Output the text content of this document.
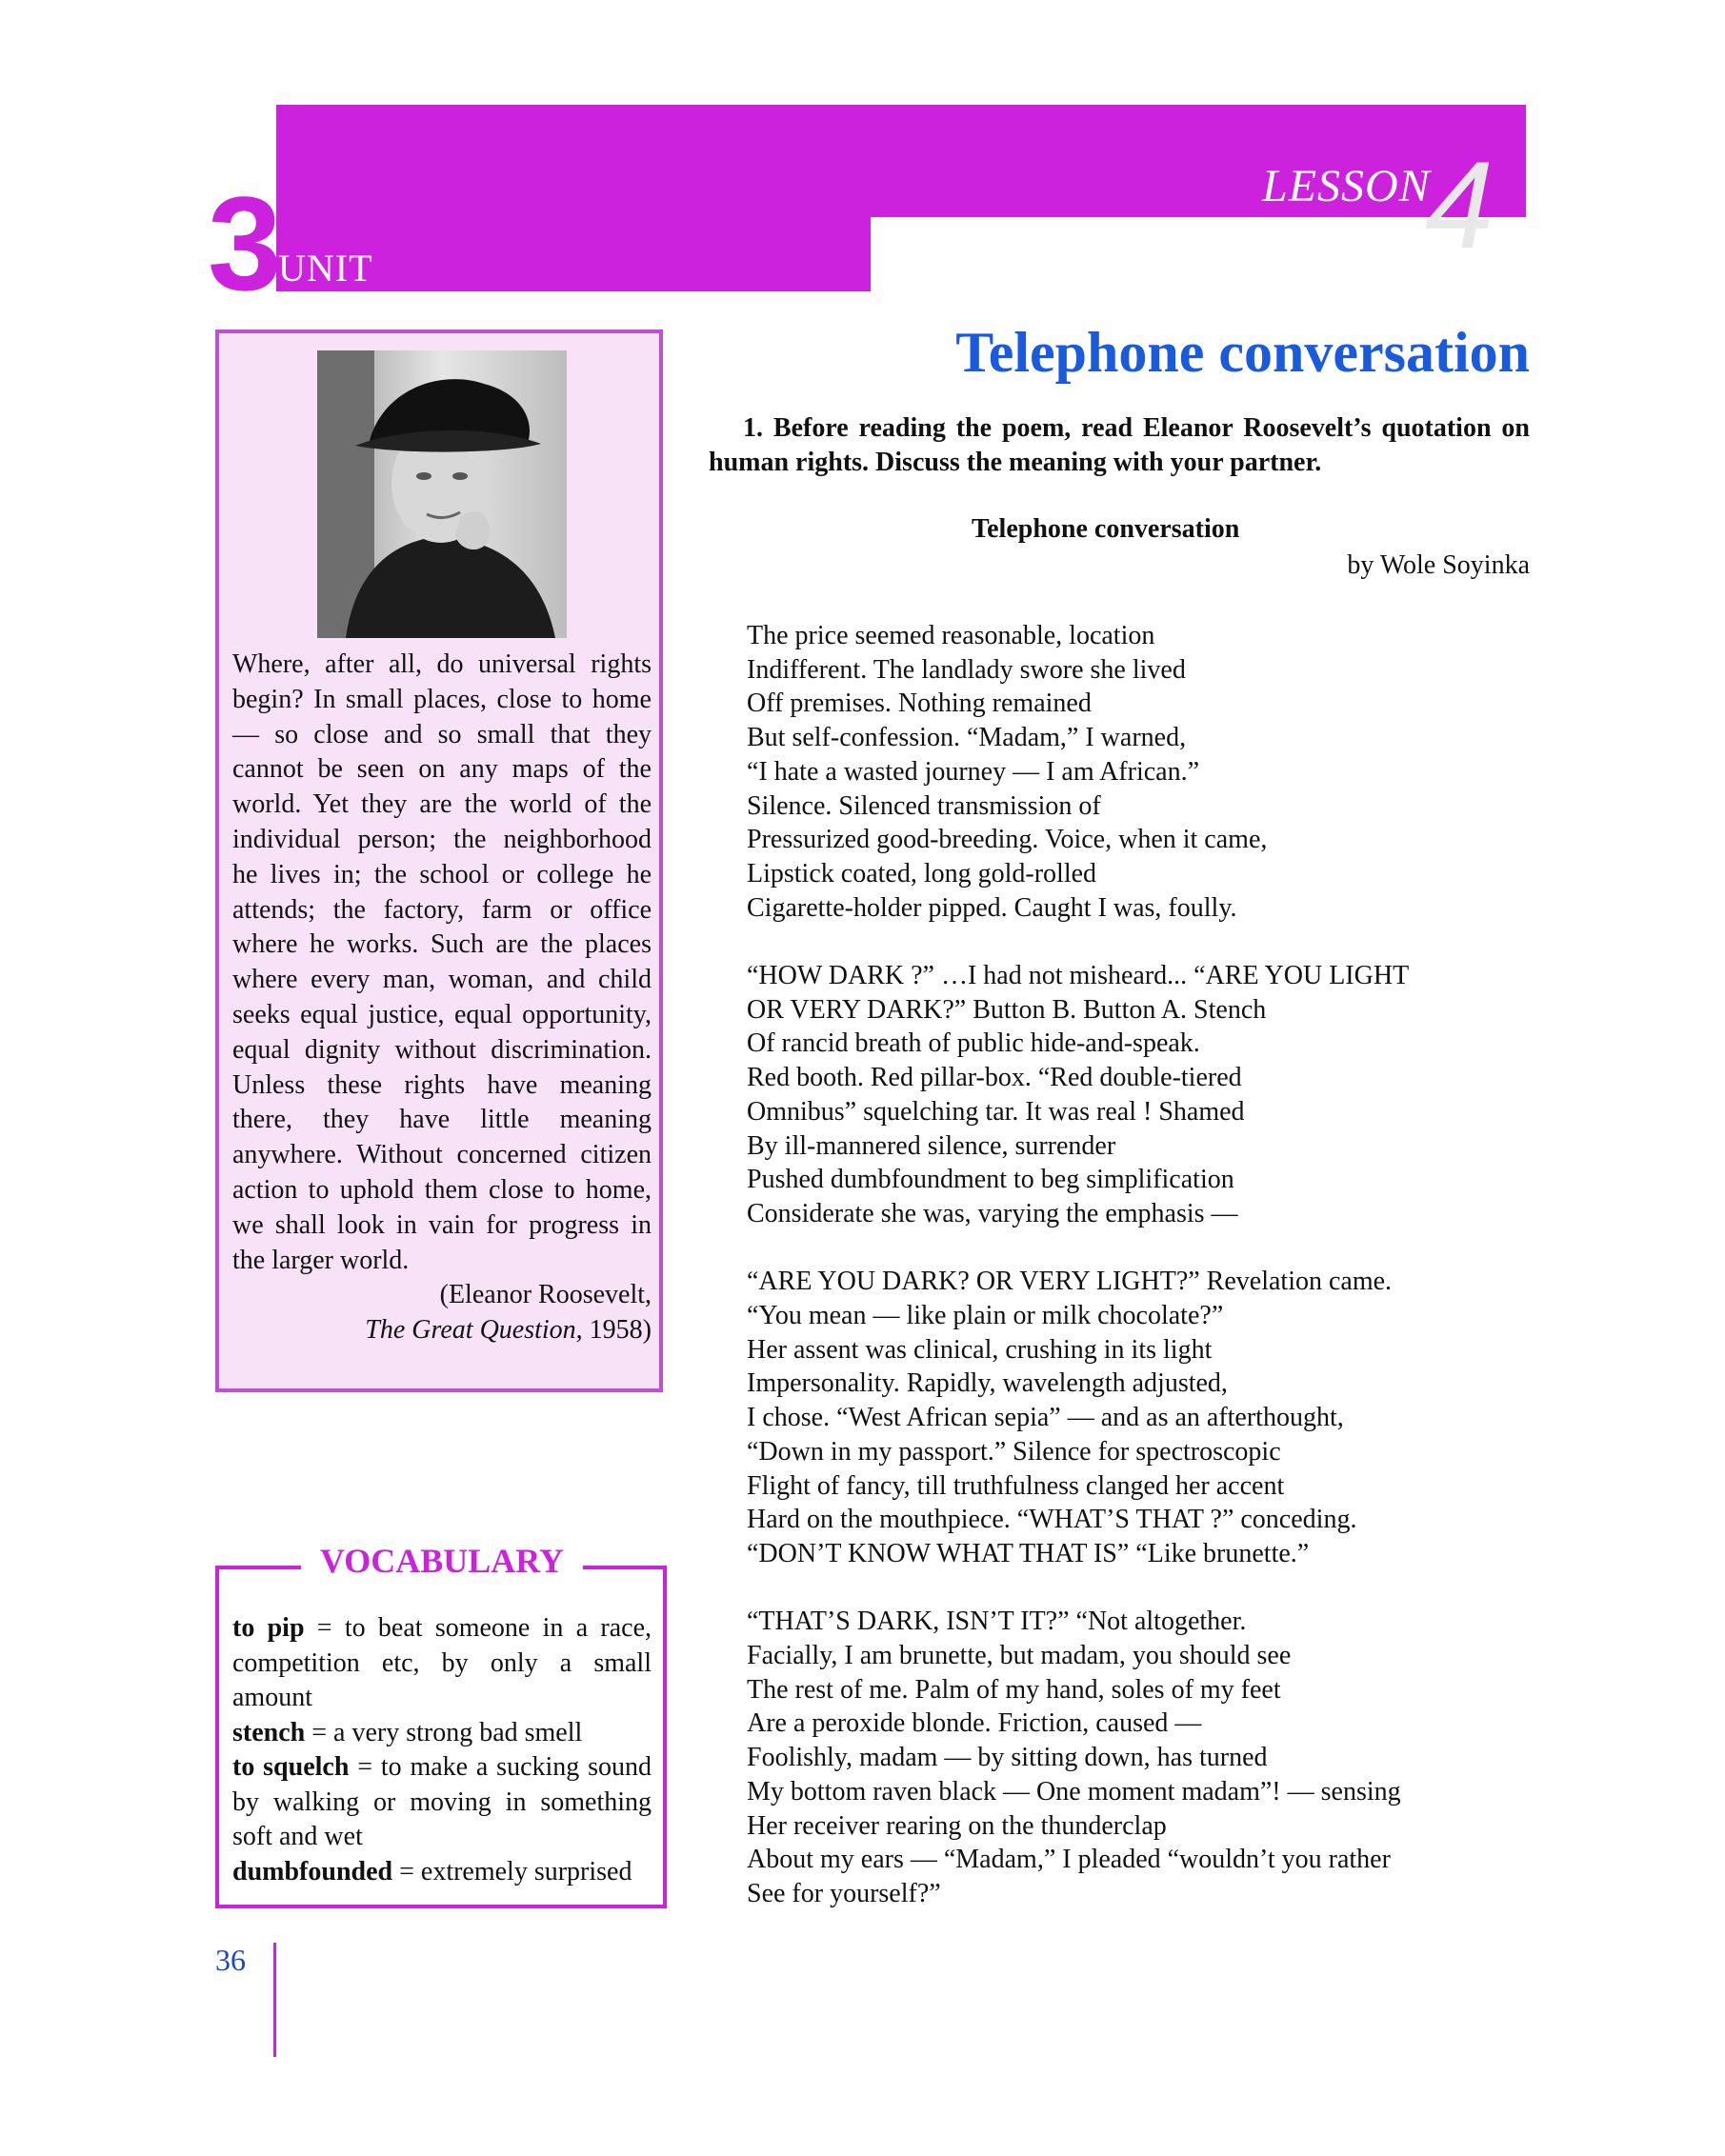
3
UNIT
LESSON
4

Where, after all, do universal rights begin? In small places, close to home — so close and so small that they cannot be seen on any maps of the world. Yet they are the world of the individual person; the neighborhood he lives in; the school or college he attends; the factory, farm or office where he works. Such are the places where every man, woman, and child seeks equal justice, equal opportunity, equal dignity without discrimination. Unless these rights have meaning there, they have little meaning anywhere. Without concerned citizen action to uphold them close to home, we shall look in vain for progress in the larger world.

(Eleanor Roosevelt,

The Great Question, 1958)

VOCABULARY

to pip = to beat someone in a race, competition etc, by only a small amount

stench = a very strong bad smell

to squelch = to make a sucking sound by walking or moving in something soft and wet

dumbfounded = extremely surprised

36
Telephone conversation
1. Before reading the poem, read Eleanor Roosevelt’s quotation on human rights. Discuss the meaning with your partner.
Telephone conversation
by Wole Soyinka
The price seemed reasonable, location
Indifferent. The landlady swore she lived
Off premises. Nothing remained
But self-confession. “Madam,” I warned,
“I hate a wasted journey — I am African.”
Silence. Silenced transmission of
Pressurized good-breeding. Voice, when it came,
Lipstick coated, long gold-rolled
Cigarette-holder pipped. Caught I was, foully.
“HOW DARK ?” …I had not misheard... “ARE YOU LIGHT
OR VERY DARK?” Button B. Button A. Stench
Of rancid breath of public hide-and-speak.
Red booth. Red pillar-box. “Red double-tiered
Omnibus” squelching tar. It was real ! Shamed
By ill-mannered silence, surrender
Pushed dumbfoundment to beg simplification
Considerate she was, varying the emphasis —
“ARE YOU DARK? OR VERY LIGHT?” Revelation came.
“You mean — like plain or milk chocolate?”
Her assent was clinical, crushing in its light
Impersonality. Rapidly, wavelength adjusted,
I chose. “West African sepia” — and as an afterthought,
“Down in my passport.” Silence for spectroscopic
Flight of fancy, till truthfulness clanged her accent
Hard on the mouthpiece. “WHAT’S THAT ?” conceding.
“DON’T KNOW WHAT THAT IS” “Like brunette.”
“THAT’S DARK, ISN’T IT?” “Not altogether.
Facially, I am brunette, but madam, you should see
The rest of me. Palm of my hand, soles of my feet
Are a peroxide blonde. Friction, caused —
Foolishly, madam — by sitting down, has turned
My bottom raven black — One moment madam”! — sensing
Her receiver rearing on the thunderclap
About my ears — “Madam,” I pleaded “wouldn’t you rather
See for yourself?”
